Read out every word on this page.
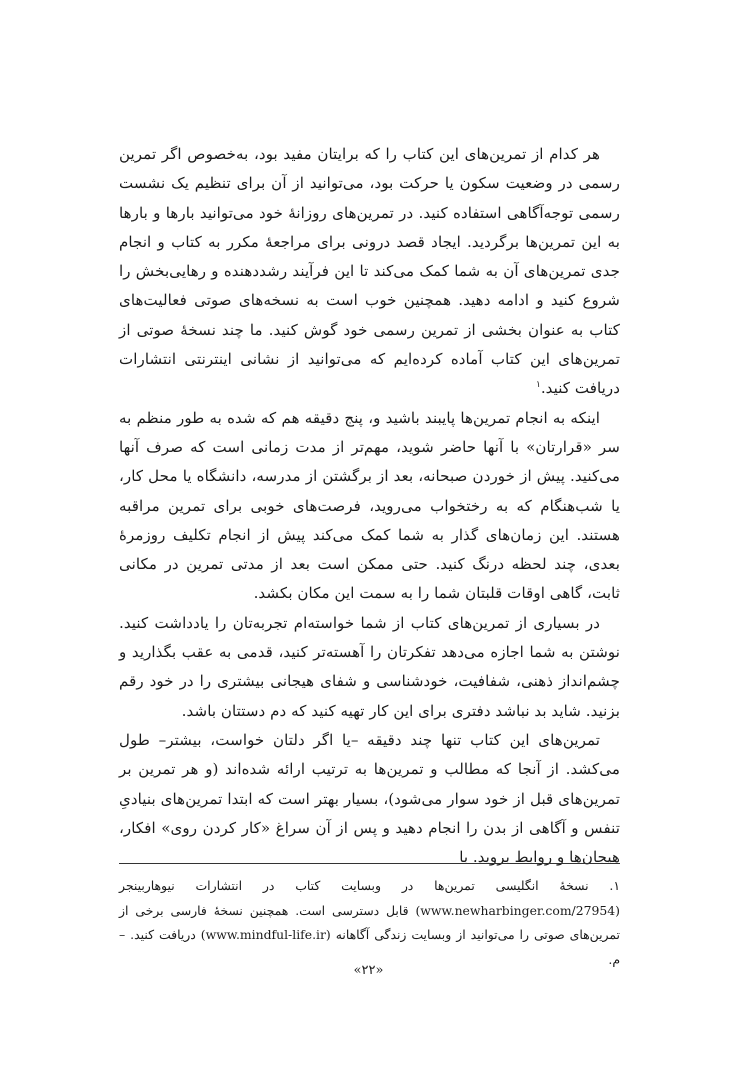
هر کدام از تمرین‌های این کتاب را که برایتان مفید بود، به‌خصوص اگر تمرین رسمی در وضعیت سکون یا حرکت بود، می‌توانید از آن برای تنظیم یک نشست رسمی توجه‌آگاهی استفاده کنید. در تمرین‌های روزانهٔ خود می‌توانید بارها و بارها به این تمرین‌ها برگردید. ایجاد قصد درونی برای مراجعهٔ مکرر به کتاب و انجام جدی تمرین‌های آن به شما کمک می‌کند تا این فرآیند رشددهنده و رهایی‌بخش را شروع کنید و ادامه دهید. همچنین خوب است به نسخه‌های صوتی فعالیت‌های کتاب به عنوان بخشی از تمرین رسمی خود گوش کنید. ما چند نسخهٔ صوتی از تمرین‌های این کتاب آماده کرده‌ایم که می‌توانید از نشانی اینترنتی انتشارات دریافت کنید.$^۱$

اینکه به انجام تمرین‌ها پایبند باشید و، پنج دقیقه هم که شده به طور منظم به سر «قرارتان» با آنها حاضر شوید، مهم‌تر از مدت زمانی است که صرف آنها می‌کنید. پیش از خوردن صبحانه، بعد از برگشتن از مدرسه، دانشگاه یا محل کار، یا شب‌هنگام که به رختخواب می‌روید، فرصت‌های خوبی برای تمرین مراقبه هستند. این زمان‌های گذار به شما کمک می‌کند پیش از انجام تکلیف روزمرهٔ بعدی، چند لحظه درنگ کنید. حتی ممکن است بعد از مدتی تمرین در مکانی ثابت، گاهی اوقات قلبتان شما را به سمت این مکان بکشد.

در بسیاری از تمرین‌های کتاب از شما خواسته‌ام تجربه‌تان را یادداشت کنید. نوشتن به شما اجازه می‌دهد تفکرتان را آهسته‌تر کنید، قدمی به عقب بگذارید و چشم‌انداز ذهنی، شفافیت، خودشناسی و شفای هیجانی بیشتری را در خود رقم بزنید. شاید بد نباشد دفتری برای این کار تهیه کنید که دم دستتان باشد.

تمرین‌های این کتاب تنها چند دقیقه –یا اگر دلتان خواست، بیشتر– طول می‌کشد. از آنجا که مطالب و تمرین‌ها به ترتیب ارائه شده‌اند (و هر تمرین بر تمرین‌های قبل از خود سوار می‌شود)، بسیار بهتر است که ابتدا تمرین‌های بنیادیِ تنفس و آگاهی از بدن را انجام دهید و پس از آن سراغ «کار کردن روی» افکار، هیجان‌ها و روابط بروید. با

۱. نسخهٔ انگلیسی تمرین‌ها در وبسایت کتاب در انتشارات نیوهاربینجر (www.newharbinger.com/27954) قابل دسترسی است. همچنین نسخهٔ فارسی برخی از تمرین‌های صوتی را می‌توانید از وبسایت زندگی آگاهانه (www.mindful-life.ir) دریافت کنید. –م.

«۲۲»
